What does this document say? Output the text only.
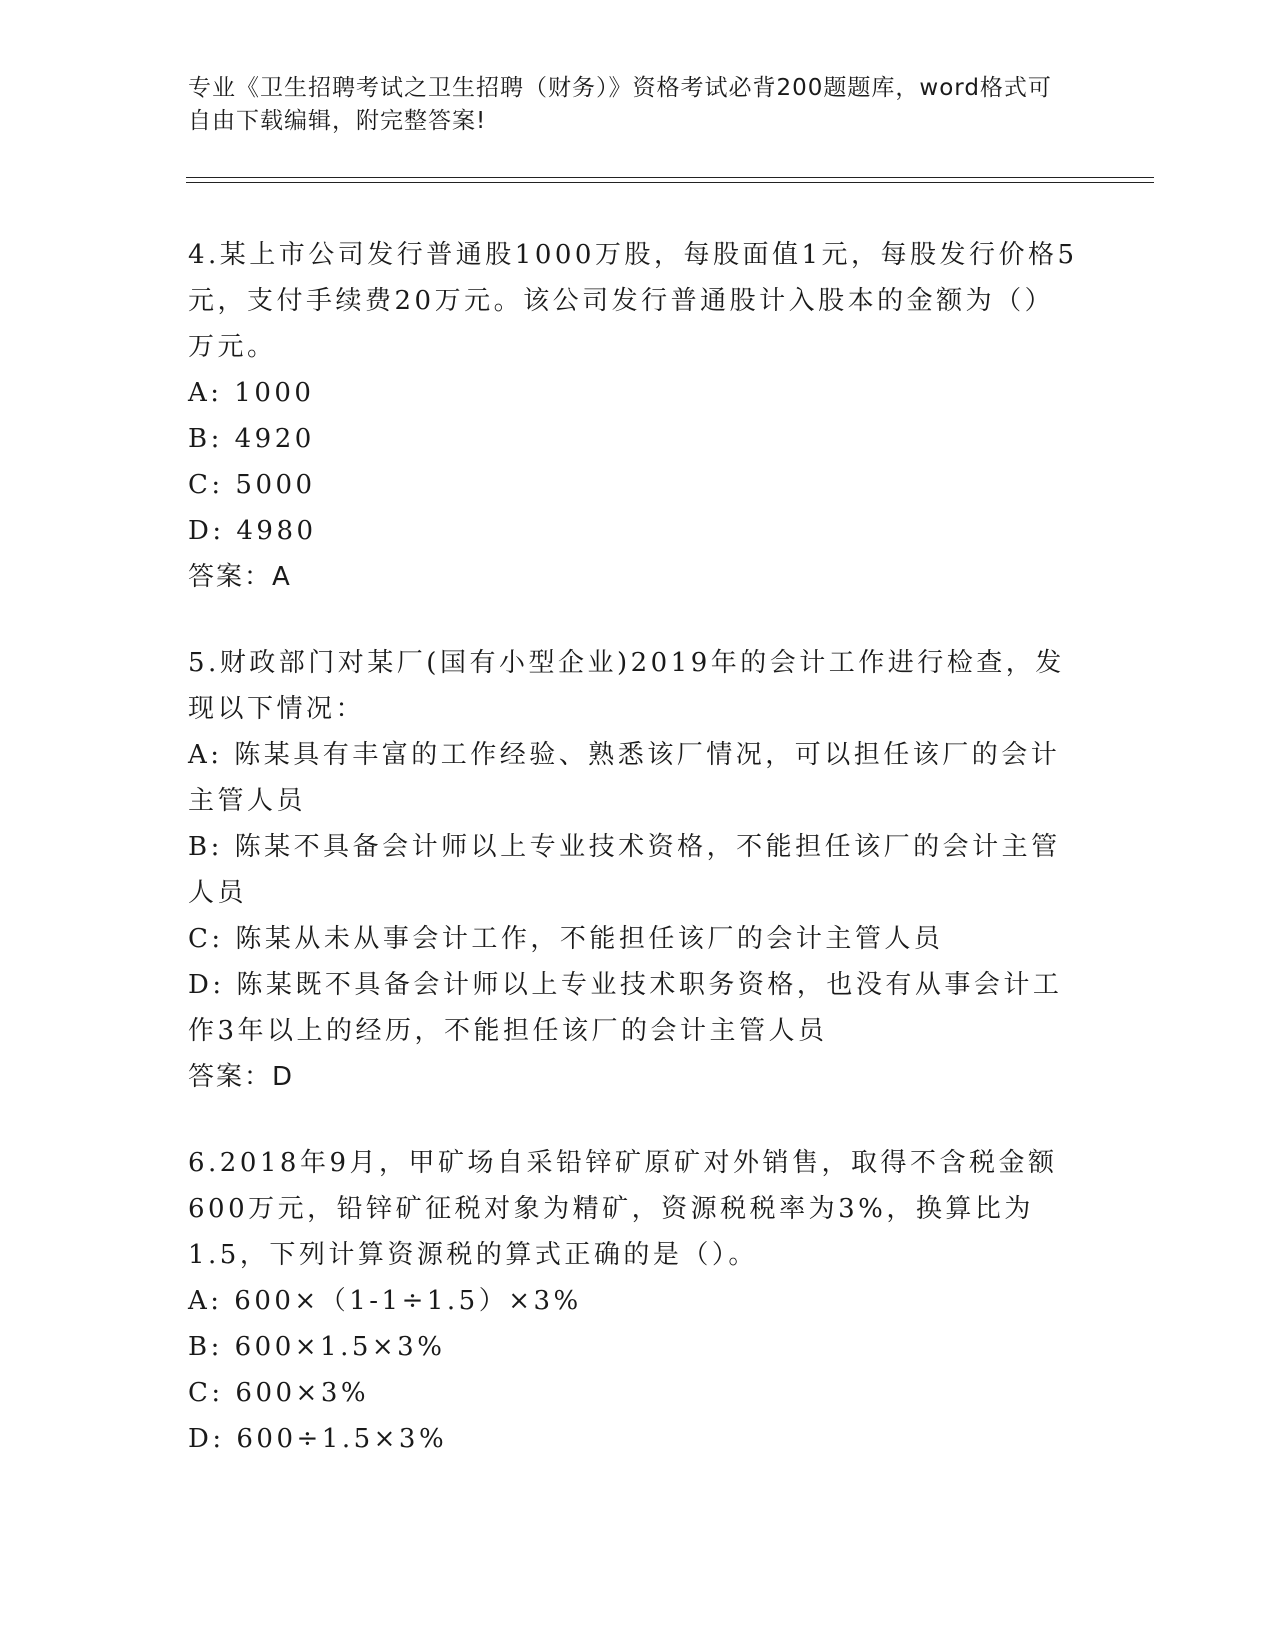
专业《卫生招聘考试之卫生招聘（财务）》资格考试必背200题题库，word格式可自由下载编辑，附完整答案!

4.某上市公司发行普通股1000万股，每股面值1元，每股发行价格5元，支付手续费20万元。该公司发行普通股计入股本的金额为（）万元。

A: 1000

B: 4920

C: 5000

D: 4980

答案：A

5.财政部门对某厂(国有小型企业)2019年的会计工作进行检查，发现以下情况：

A: 陈某具有丰富的工作经验、熟悉该厂情况，可以担任该厂的会计主管人员

B: 陈某不具备会计师以上专业技术资格，不能担任该厂的会计主管人员

C: 陈某从未从事会计工作，不能担任该厂的会计主管人员

D: 陈某既不具备会计师以上专业技术职务资格，也没有从事会计工作3年以上的经历，不能担任该厂的会计主管人员

答案：D

6.2018年9月，甲矿场自采铅锌矿原矿对外销售，取得不含税金额600万元，铅锌矿征税对象为精矿，资源税税率为3%，换算比为1.5，下列计算资源税的算式正确的是（）。

A: 600×（1-1÷1.5）×3%

B: 600×1.5×3%

C: 600×3%

D: 600÷1.5×3%
